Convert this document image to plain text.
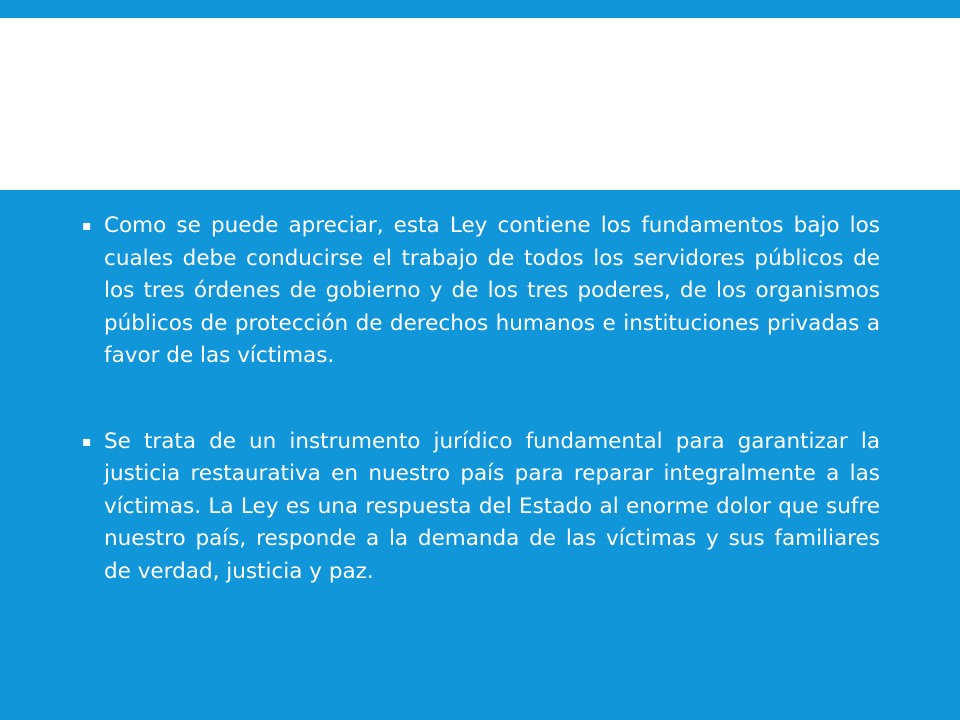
▪ Como se puede apreciar, esta Ley contiene los fundamentos bajo los cuales debe conducirse el trabajo de todos los servidores públicos de los tres órdenes de gobierno y de los tres poderes, de los organismos públicos de protección de derechos humanos e instituciones privadas a favor de las víctimas.
▪ Se trata de un instrumento jurídico fundamental para garantizar la justicia restaurativa en nuestro país para reparar integralmente a las víctimas. La Ley es una respuesta del Estado al enorme dolor que sufre nuestro país, responde a la demanda de las víctimas y sus familiares de verdad, justicia y paz.
